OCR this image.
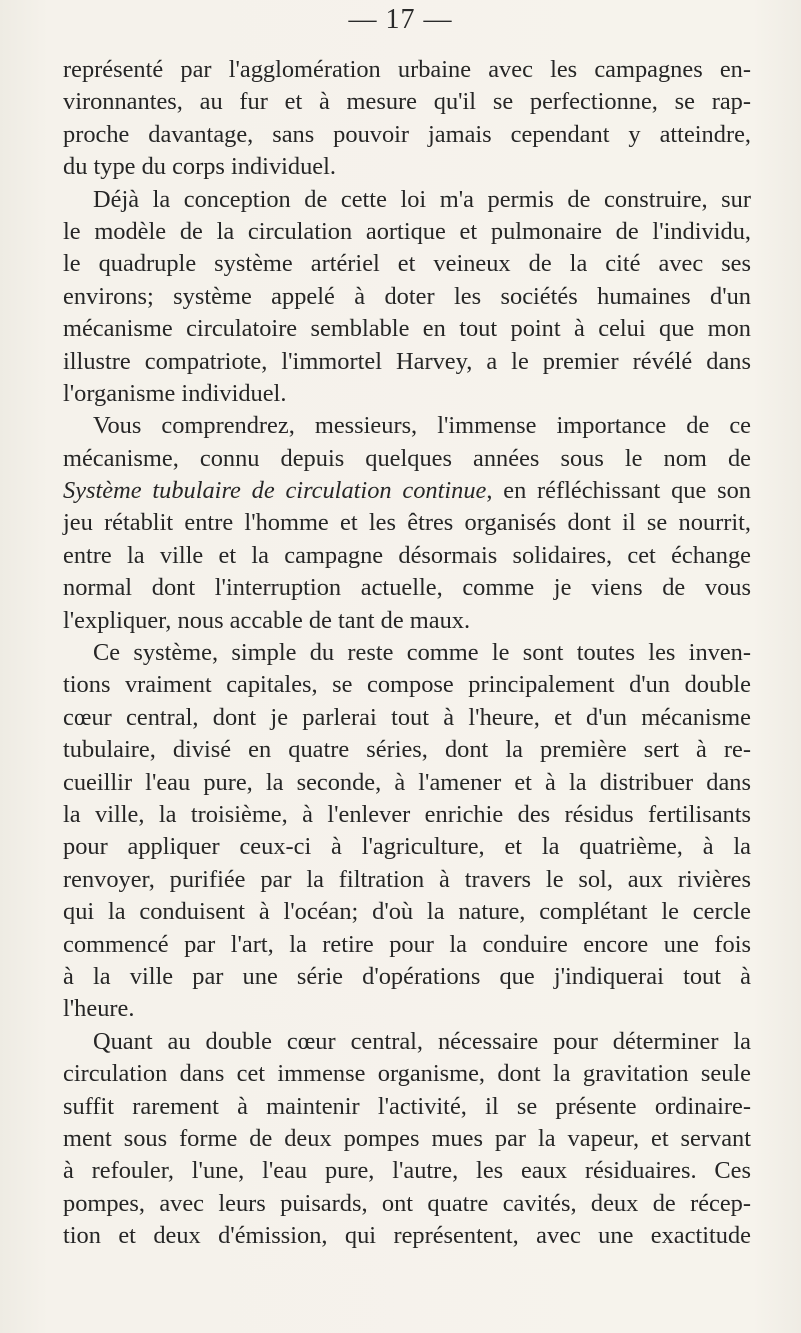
— 17 —
représenté par l'agglomération urbaine avec les campagnes en-
vironnantes, au fur et à mesure qu'il se perfectionne, se rap-
proche davantage, sans pouvoir jamais cependant y atteindre,
du type du corps individuel.
Déjà la conception de cette loi m'a permis de construire, sur
le modèle de la circulation aortique et pulmonaire de l'individu,
le quadruple système artériel et veineux de la cité avec ses
environs; système appelé à doter les sociétés humaines d'un
mécanisme circulatoire semblable en tout point à celui que mon
illustre compatriote, l'immortel Harvey, a le premier révélé dans
l'organisme individuel.
Vous comprendrez, messieurs, l'immense importance de ce
mécanisme, connu depuis quelques années sous le nom de
Système tubulaire de circulation continue, en réfléchissant que son
jeu rétablit entre l'homme et les êtres organisés dont il se nourrit,
entre la ville et la campagne désormais solidaires, cet échange
normal dont l'interruption actuelle, comme je viens de vous
l'expliquer, nous accable de tant de maux.
Ce système, simple du reste comme le sont toutes les inven-
tions vraiment capitales, se compose principalement d'un double
cœur central, dont je parlerai tout à l'heure, et d'un mécanisme
tubulaire, divisé en quatre séries, dont la première sert à re-
cueillir l'eau pure, la seconde, à l'amener et à la distribuer dans
la ville, la troisième, à l'enlever enrichie des résidus fertilisants
pour appliquer ceux-ci à l'agriculture, et la quatrième, à la
renvoyer, purifiée par la filtration à travers le sol, aux rivières
qui la conduisent à l'océan; d'où la nature, complétant le cercle
commencé par l'art, la retire pour la conduire encore une fois
à la ville par une série d'opérations que j'indiquerai tout à
l'heure.
Quant au double cœur central, nécessaire pour déterminer la
circulation dans cet immense organisme, dont la gravitation seule
suffit rarement à maintenir l'activité, il se présente ordinaire-
ment sous forme de deux pompes mues par la vapeur, et servant
à refouler, l'une, l'eau pure, l'autre, les eaux résiduaires. Ces
pompes, avec leurs puisards, ont quatre cavités, deux de récep-
tion et deux d'émission, qui représentent, avec une exactitude
